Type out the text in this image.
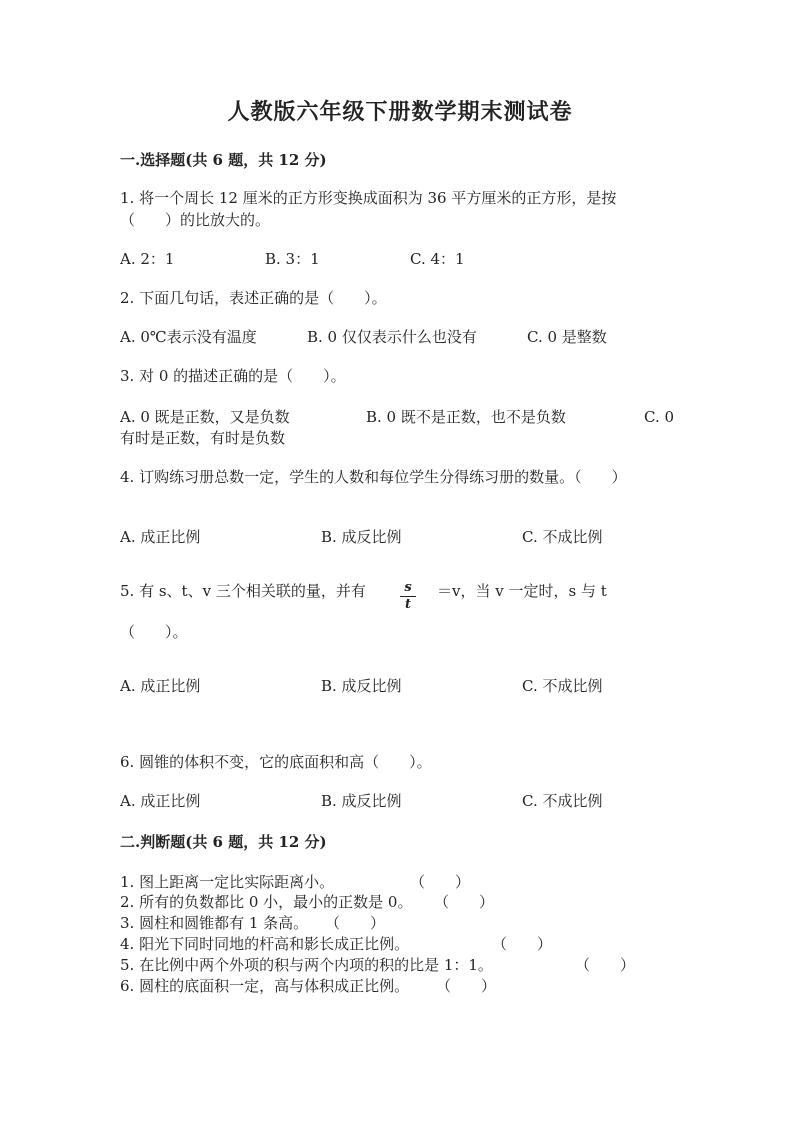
人教版六年级下册数学期末测试卷
一.选择题(共 6 题，共 12 分)
1. 将一个周长 12 厘米的正方形变换成面积为 36 平方厘米的正方形，是按
（　　）的比放大的。
A. 2：1	B. 3：1	C. 4：1
2. 下面几句话，表述正确的是（　　）。
A. 0℃表示没有温度	B. 0 仅仅表示什么也没有	C. 0 是整数
3. 对 0 的描述正确的是（　　）。
A. 0 既是正数，又是负数	B. 0 既不是正数，也不是负数	C. 0
有时是正数，有时是负数
4. 订购练习册总数一定，学生的人数和每位学生分得练习册的数量。（　　）
A. 成正比例	B. 成反比例	C. 不成比例
5. 有 s、t、v 三个相关联的量，并有	$\frac{s}{t} =v$，当 v 一定时，s 与 t
（　　）。
A. 成正比例	B. 成反比例	C. 不成比例
6. 圆锥的体积不变，它的底面积和高（　　）。
A. 成正比例	B. 成反比例	C. 不成比例
二.判断题(共 6 题，共 12 分)
1. 图上距离一定比实际距离小。	（　　）
2. 所有的负数都比 0 小，最小的正数是 0。 （　　）
3. 圆柱和圆锥都有 1 条高。 （　　）
4. 阳光下同时同地的杆高和影长成正比例。	（　　）
5. 在比例中两个外项的积与两个内项的积的比是 1：1。	（　　）
6. 圆柱的底面积一定，高与体积成正比例。 （　　）
